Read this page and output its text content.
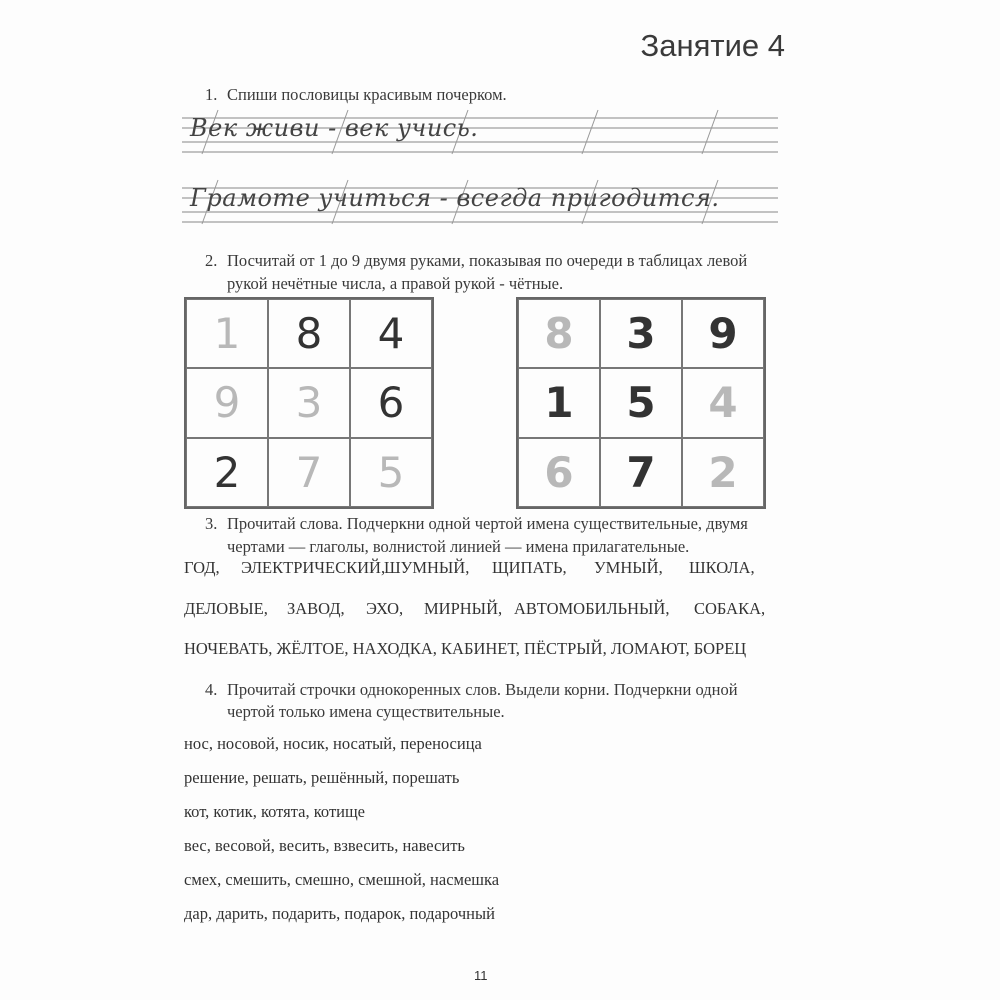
Занятие 4
1. Спиши пословицы красивым почерком.
Век живи - век учись.
Грамоте учиться - всегда пригодится.
2. Посчитай от 1 до 9 двумя руками, показывая по очереди в таблицах левой
рукой нечётные числа, а правой рукой - чётные.
1	8	4
9	3	6
2	7	5
8	3	9
1	5	4
6	7	2
3. Прочитай слова. Подчеркни одной чертой имена существительные, двумя
чертами — глаголы, волнистой линией — имена прилагательные.
ГОД, ЭЛЕКТРИЧЕСКИЙ,
ШУМНЫЙ, ЩИПАТЬ, УМНЫЙ, ШКОЛА,
ДЕЛОВЫЕ, ЗАВОД, ЭХО, МИРНЫЙ, АВТОМОБИЛЬНЫЙ, СОБАКА,
НОЧЕВАТЬ, ЖЁЛТОЕ, НАХОДКА, КАБИНЕТ, ПЁСТРЫЙ, ЛОМАЮТ, БОРЕЦ
4. Прочитай строчки однокоренных слов. Выдели корни. Подчеркни одной
чертой только имена существительные.
нос, носовой, носик, носатый, переносица
решение, решать, решённый, порешать
кот, котик, котята, котище
вес, весовой, весить, взвесить, навесить
смех, смешить, смешно, смешной, насмешка
дар, дарить, подарить, подарок, подарочный
11
